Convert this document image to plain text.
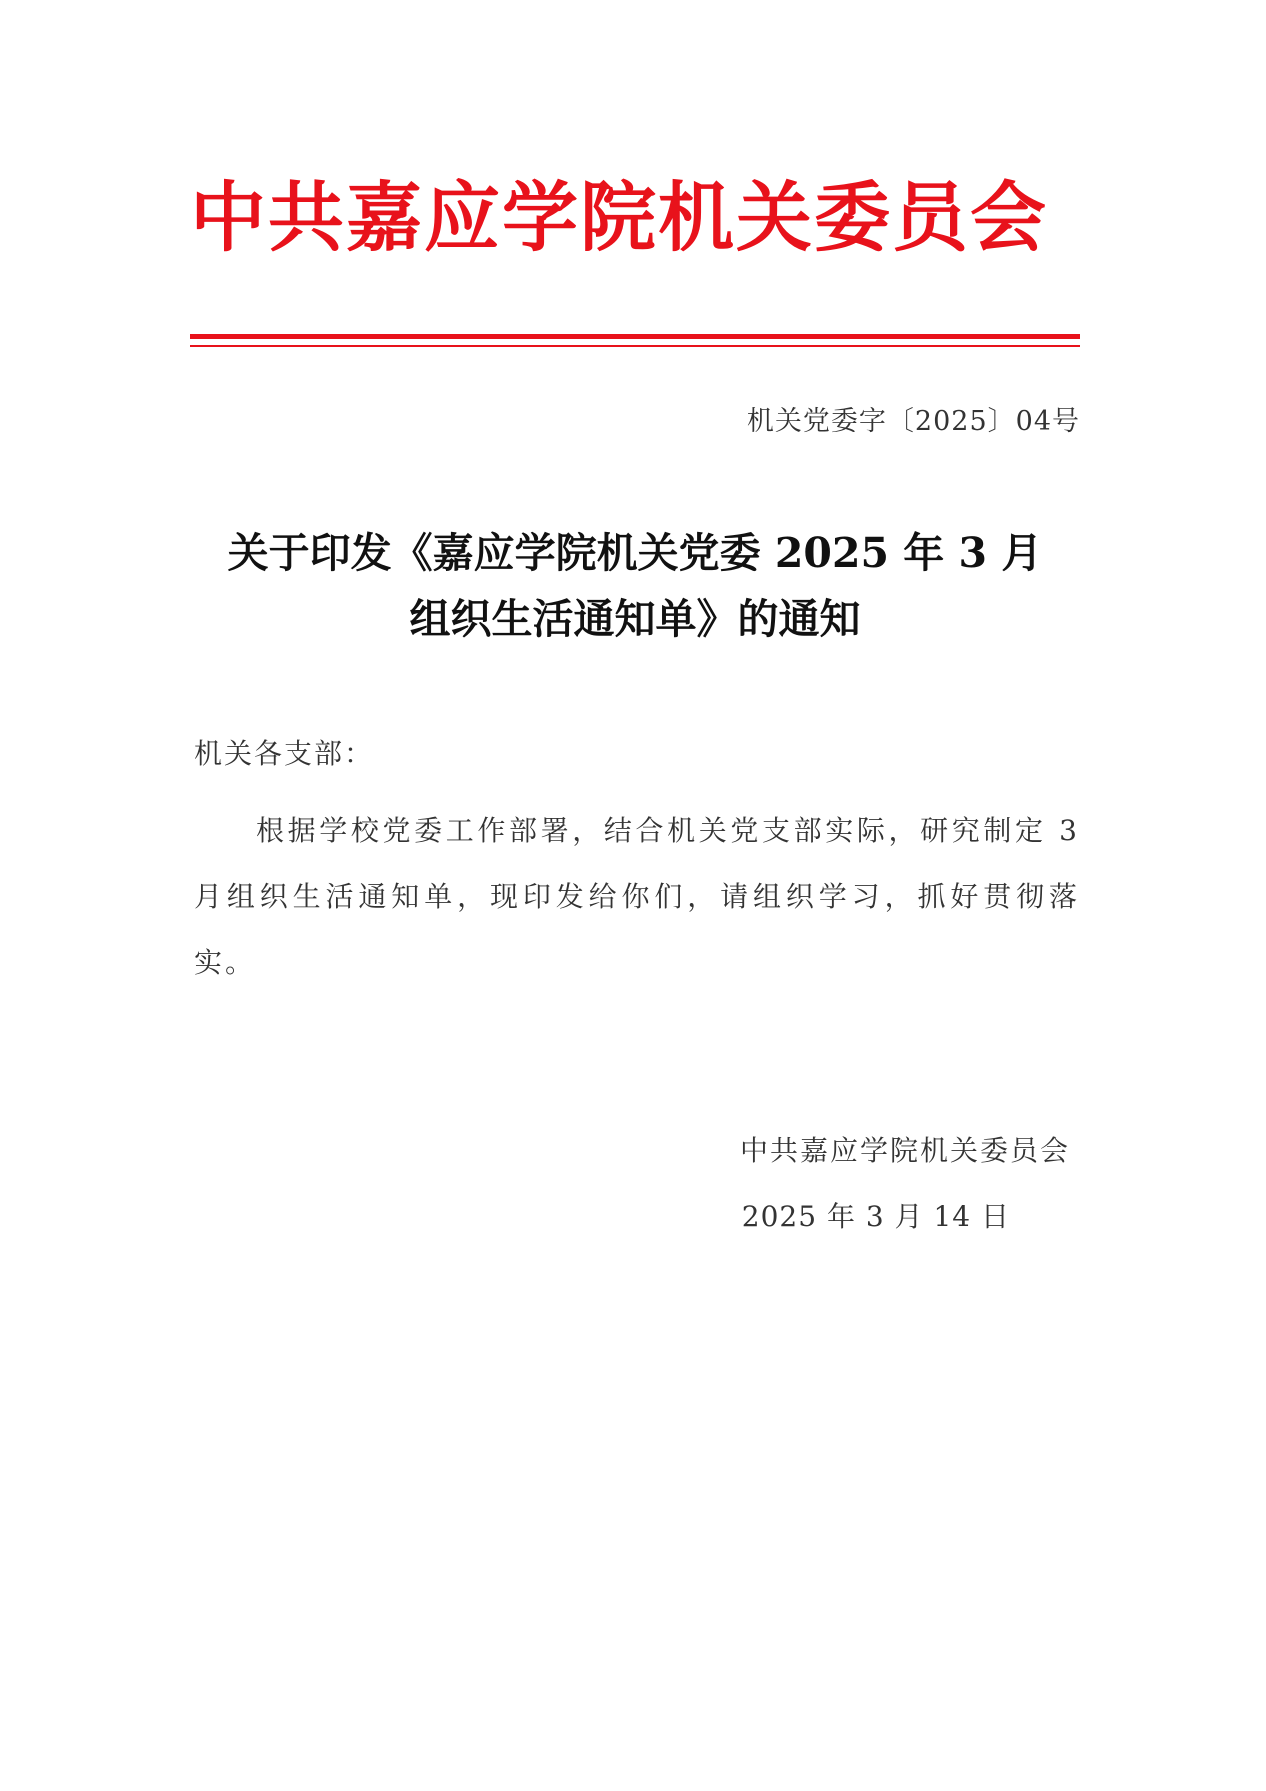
中共嘉应学院机关委员会
机关党委字〔2025〕04号
关于印发《嘉应学院机关党委 2025 年 3 月
组织生活通知单》的通知
机关各支部：
根据学校党委工作部署，结合机关党支部实际，研究制定 3 月组织生活通知单，现印发给你们，请组织学习，抓好贯彻落实。
中共嘉应学院机关委员会
2025 年 3 月 14 日
